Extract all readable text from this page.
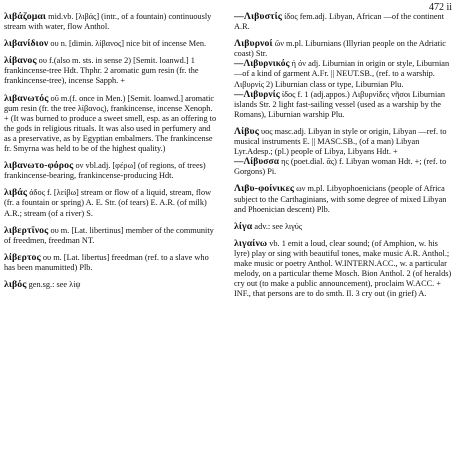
472 ii
λιβάζομαι mid.vb. [λιβάς] (intr., of a fountain) continuously stream with water, flow Anthol.
λιβανίδιον ου n. [dimin. λίβανος] nice bit of incense Men.
λίβανος ου f.(also m. sts. in sense 2) [Semit. loanwd.] 1 frankincense-tree Hdt. Thphr. 2 aromatic gum resin (fr. the frankincense-tree), incense Sapph. +
λιβανωτός οῦ m.(f. once in Men.) [Semit. loanwd.] aromatic gum resin (fr. the tree λίβανος), frankincense, incense Xenoph. + (It was burned to produce a sweet smell, esp. as an offering to the gods in religious rituals. It was also used in perfumery and as a preservative, as by Egyptian embalmers. The frankincense fr. Smyrna was held to be of the highest quality.)
λιβανωτο-φόρος ον vbl.adj. [φέρω] (of regions, of trees) frankincense-bearing, frankincense-producing Hdt.
λιβάς άδος f. [λείβω] stream or flow of a liquid, stream, flow (fr. a fountain or spring) A. E. Str. (of tears) E. A.R. (of milk) A.R.; stream (of a river) S.
λιβερτῖνος ου m. [Lat. libertinus] member of the community of freedmen, freedman NT.
λίβερτος ου m. [Lat. libertus] freedman (ref. to a slave who has been manumitted) Plb.
λιβός gen.sg.: see λίψ
—Λιβυστίς ίδος fem.adj. Libyan, African —of the continent A.R.
Λιβυρνοί ῶν m.pl. Liburnians (Illyrian people on the Adriatic coast) Str.
—Λιβυρνικός ή όν adj. Liburnian in origin or style, Liburnian —of a kind of garment A.Fr. || NEUT.SB., (ref. to a warship. Λιβυρνίς 2) Liburnian class or type, Liburnian Plu.
—Λιβυρνίς ίδος f. 1 (adj.appos.) Λιβυρνίδες νῆσοι Liburnian islands Str. 2 light fast-sailing vessel (used as a warship by the Romans), Liburnian warship Plu.
Λίβυς υος masc.adj. Libyan in style or origin, Libyan —ref. to musical instruments E. || MASC.SB., (of a man) Libyan Lyr.Adesp.; (pl.) people of Libya, Libyans Hdt. +
—Λίβυσσα ης (poet.dial. ᾱς) f. Libyan woman Hdt. +; (ref. to Gorgons) Pi.
Λιβυ-φοίνικες ων m.pl. Libyophoenicians (people of Africa subject to the Carthaginians, with some degree of mixed Libyan and Phoenician descent) Plb.
λίγα adv.: see λιγύς
λιγαίνω vb. 1 emit a loud, clear sound; (of Amphion, w. his lyre) play or sing with beautiful tones, make music A.R. Anthol.; make music or poetry Anthol. W.INTERN.ACC., w. a particular melody, on a particular theme Mosch. Bion Anthol. 2 (of heralds) cry out (to make a public announcement), proclaim W.ACC. + INF., that persons are to do smth. Il. 3 cry out (in grief) A.
